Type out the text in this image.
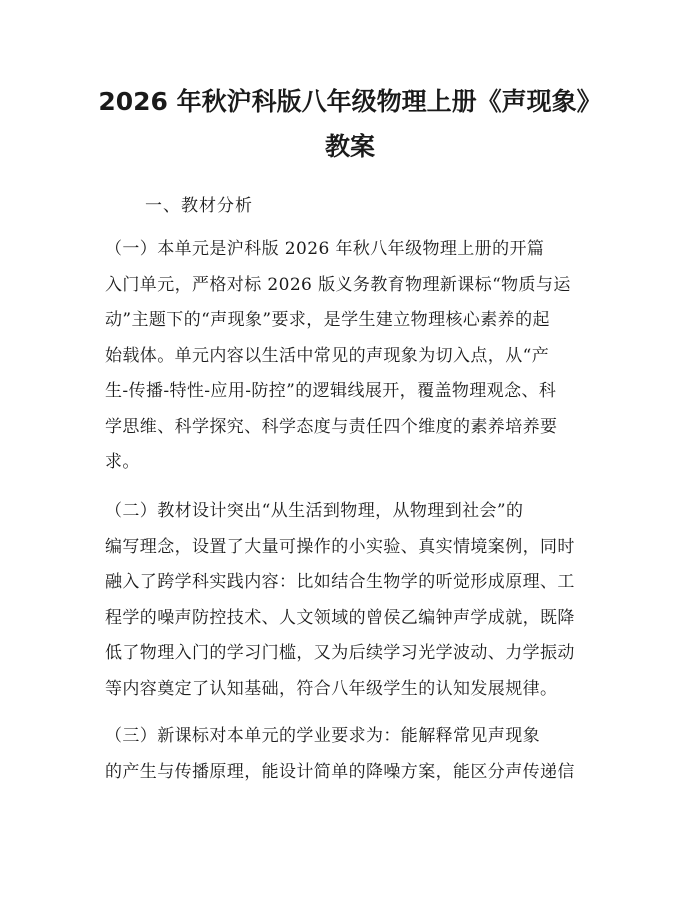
2026 年秋沪科版八年级物理上册《声现象》
教案
一、教材分析

（一）本单元是沪科版 2026 年秋八年级物理上册的开篇
入门单元，严格对标 2026 版义务教育物理新课标“物质与运
动”主题下的“声现象”要求，是学生建立物理核心素养的起
始载体。单元内容以生活中常见的声现象为切入点，从“产
生-传播-特性-应用-防控”的逻辑线展开，覆盖物理观念、科
学思维、科学探究、科学态度与责任四个维度的素养培养要
求。

（二）教材设计突出“从生活到物理，从物理到社会”的
编写理念，设置了大量可操作的小实验、真实情境案例，同时
融入了跨学科实践内容：比如结合生物学的听觉形成原理、工
程学的噪声防控技术、人文领域的曾侯乙编钟声学成就，既降
低了物理入门的学习门槛，又为后续学习光学波动、力学振动
等内容奠定了认知基础，符合八年级学生的认知发展规律。

（三）新课标对本单元的学业要求为：能解释常见声现象
的产生与传播原理，能设计简单的降噪方案，能区分声传递信
